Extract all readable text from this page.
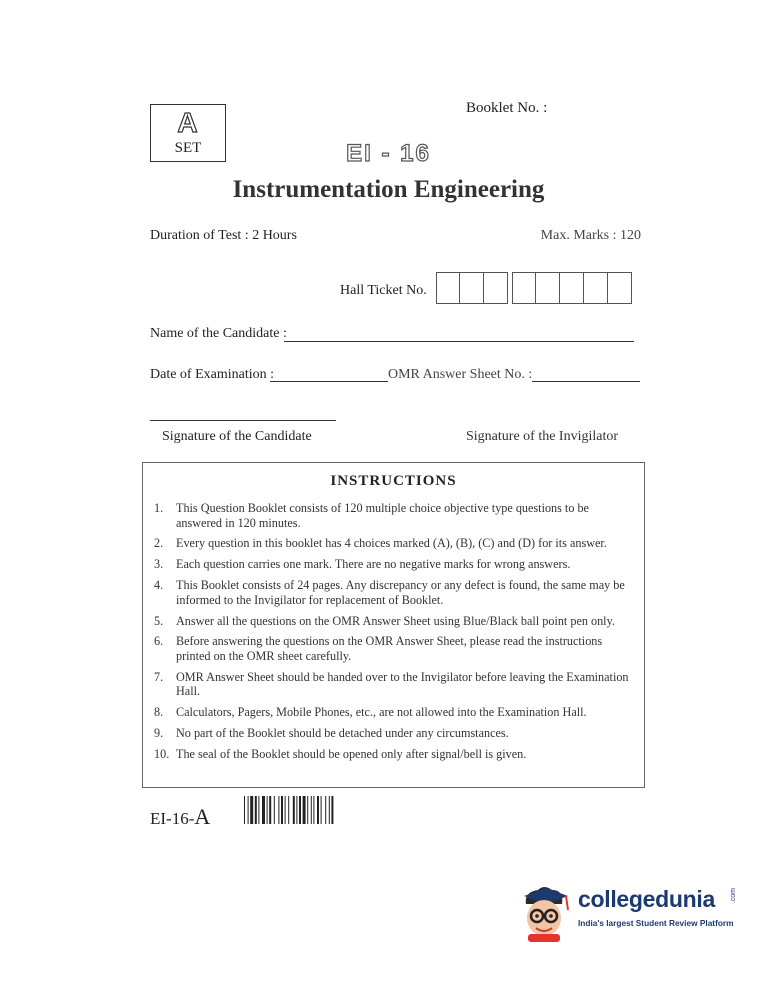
A
SET
Booklet No. :
EI - 16
Instrumentation Engineering
Duration of Test : 2 Hours	Max. Marks : 120
Hall Ticket No.
Name of the Candidate :
Date of Examination :	OMR Answer Sheet No. :
Signature of the Candidate	Signature of the Invigilator
INSTRUCTIONS
1.	This Question Booklet consists of 120 multiple choice objective type questions to be answered in 120 minutes.
2.	Every question in this booklet has 4 choices marked (A), (B), (C) and (D) for its answer.
3.	Each question carries one mark. There are no negative marks for wrong answers.
4.	This Booklet consists of 24 pages. Any discrepancy or any defect is found, the same may be informed to the Invigilator for replacement of Booklet.
5.	Answer all the questions on the OMR Answer Sheet using Blue/Black ball point pen only.
6.	Before answering the questions on the OMR Answer Sheet, please read the instructions printed on the OMR sheet carefully.
7.	OMR Answer Sheet should be handed over to the Invigilator before leaving the Examination Hall.
8.	Calculators, Pagers, Mobile Phones, etc., are not allowed into the Examination Hall.
9.	No part of the Booklet should be detached under any circumstances.
10. The seal of the Booklet should be opened only after signal/bell is given.
EI-16-A
collegedunia .com
India's largest Student Review Platform
